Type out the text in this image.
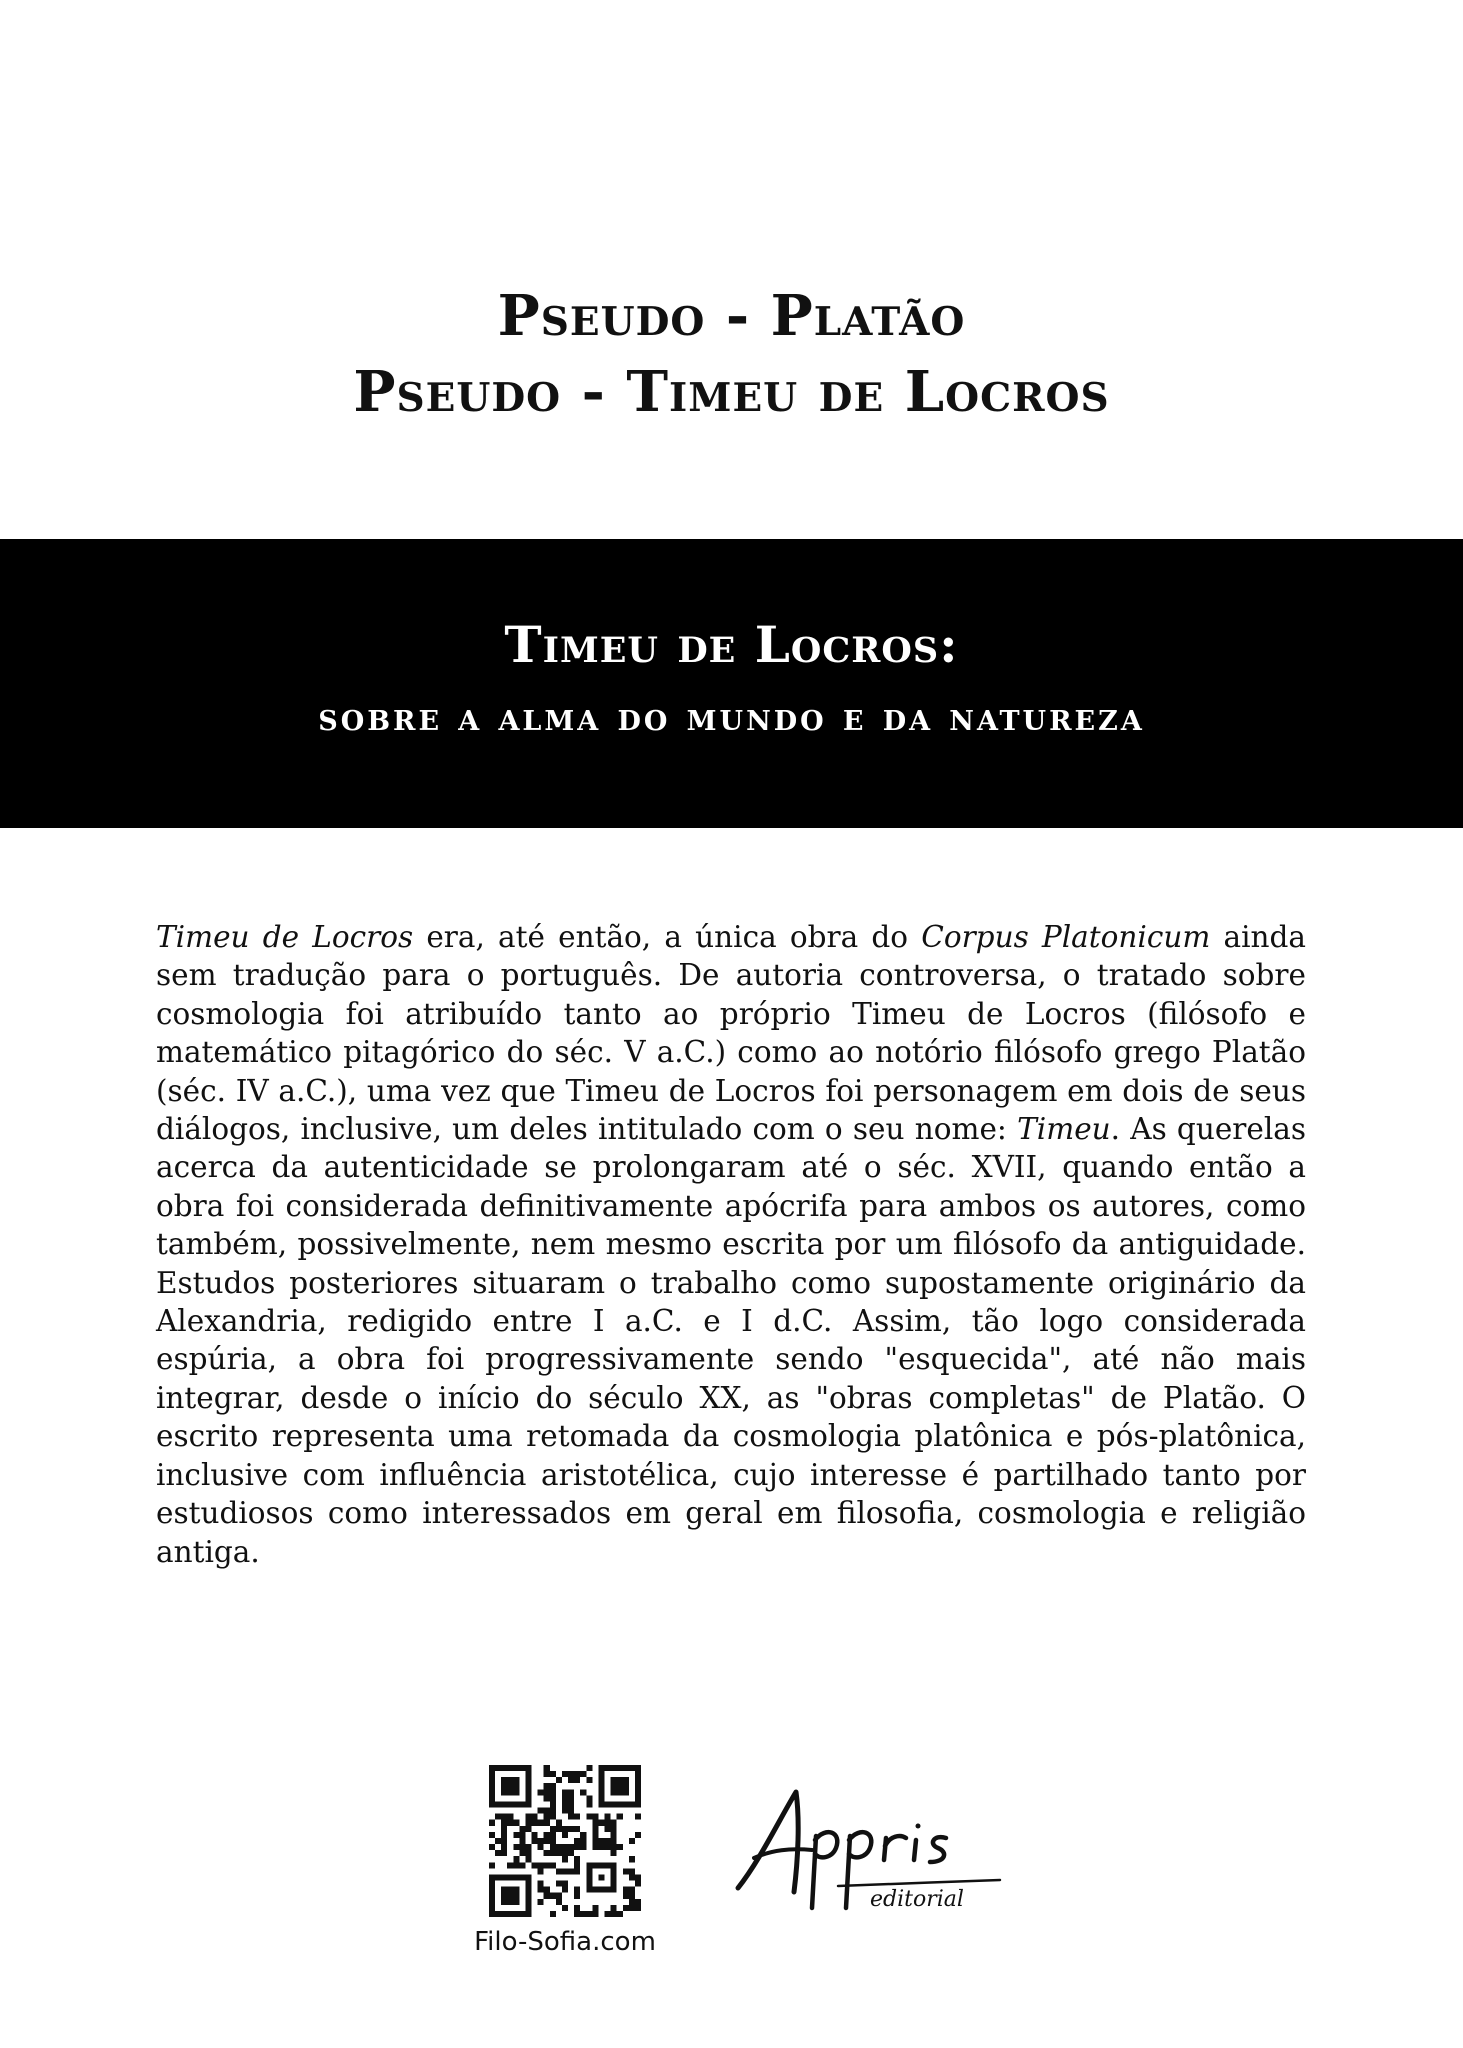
Pseudo - Platão
Pseudo - Timeu de Locros
Timeu de Locros:
sobre a alma do mundo e da natureza
Timeu de Locros era, até então, a única obra do Corpus Platonicum ainda sem tradução para o português. De autoria controversa, o tratado sobre cosmologia foi atribuído tanto ao próprio Timeu de Locros (filósofo e matemático pitagórico do séc. V a.C.) como ao notório filósofo grego Platão (séc. IV a.C.), uma vez que Timeu de Locros foi personagem em dois de seus diálogos, inclusive, um deles intitulado com o seu nome: Timeu. As querelas acerca da autenticidade se prolongaram até o séc. XVII, quando então a obra foi considerada definitivamente apócrifa para ambos os autores, como também, possivelmente, nem mesmo escrita por um filósofo da antiguidade. Estudos posteriores situaram o trabalho como supostamente originário da Alexandria, redigido entre I a.C. e I d.C. Assim, tão logo considerada espúria, a obra foi progressivamente sendo "esquecida", até não mais integrar, desde o início do século XX, as "obras completas" de Platão. O escrito representa uma retomada da cosmologia platônica e pós-platônica, inclusive com influência aristotélica, cujo interesse é partilhado tanto por estudiosos como interessados em geral em filosofia, cosmologia e religião antiga.
Filo-Sofia.com
editorial
